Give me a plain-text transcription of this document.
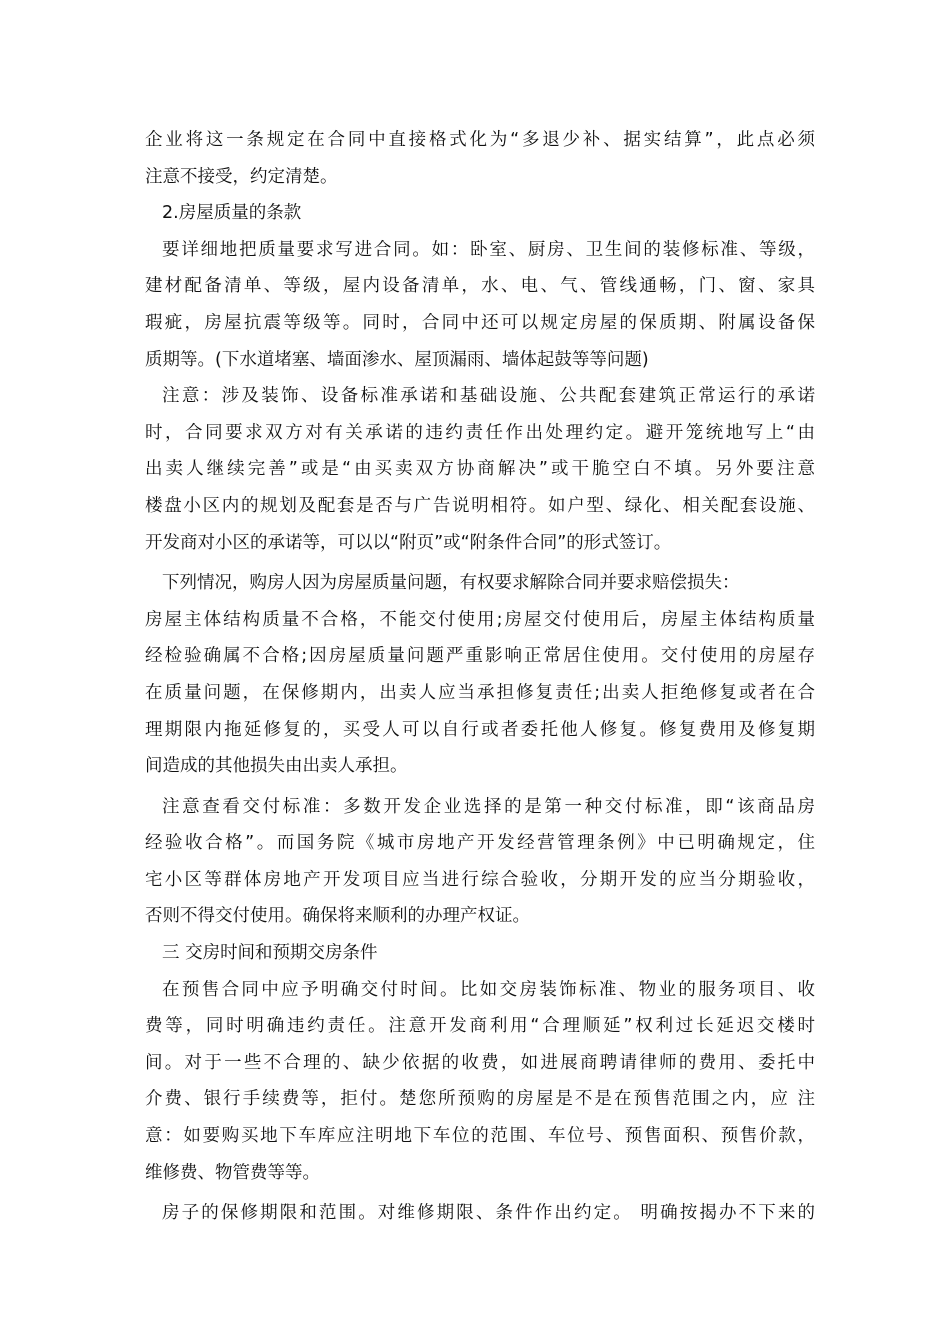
企业将这一条规定在合同中直接格式化为“多退少补、据实结算”，此点必须
注意不接受，约定清楚。
2.房屋质量的条款
要详细地把质量要求写进合同。如：卧室、厨房、卫生间的装修标准、等级，
建材配备清单、等级，屋内设备清单，水、电、气、管线通畅，门、窗、家具
瑕疵，房屋抗震等级等。同时，合同中还可以规定房屋的保质期、附属设备保
质期等。(下水道堵塞、墙面渗水、屋顶漏雨、墙体起鼓等等问题)
注意：涉及装饰、设备标准承诺和基础设施、公共配套建筑正常运行的承诺
时，合同要求双方对有关承诺的违约责任作出处理约定。避开笼统地写上“由
出卖人继续完善”或是“由买卖双方协商解决”或干脆空白不填。另外要注意
楼盘小区内的规划及配套是否与广告说明相符。如户型、绿化、相关配套设施、
开发商对小区的承诺等，可以以“附页”或“附条件合同”的形式签订。
下列情况，购房人因为房屋质量问题，有权要求解除合同并要求赔偿损失：
房屋主体结构质量不合格，不能交付使用;房屋交付使用后，房屋主体结构质量
经检验确属不合格;因房屋质量问题严重影响正常居住使用。交付使用的房屋存
在质量问题，在保修期内，出卖人应当承担修复责任;出卖人拒绝修复或者在合
理期限内拖延修复的，买受人可以自行或者委托他人修复。修复费用及修复期
间造成的其他损失由出卖人承担。
注意查看交付标准：多数开发企业选择的是第一种交付标准，即“该商品房
经验收合格”。而国务院《城市房地产开发经营管理条例》中已明确规定，住
宅小区等群体房地产开发项目应当进行综合验收，分期开发的应当分期验收，
否则不得交付使用。确保将来顺利的办理产权证。
三 交房时间和预期交房条件
在预售合同中应予明确交付时间。比如交房装饰标准、物业的服务项目、收
费等，同时明确违约责任。注意开发商利用“合理顺延”权利过长延迟交楼时
间。对于一些不合理的、缺少依据的收费，如进展商聘请律师的费用、委托中
介费、银行手续费等，拒付。楚您所预购的房屋是不是在预售范围之内，应 注
意：如要购买地下车库应注明地下车位的范围、车位号、预售面积、预售价款，
维修费、物管费等等。
房子的保修期限和范围。对维修期限、条件作出约定。 明确按揭办不下来的
